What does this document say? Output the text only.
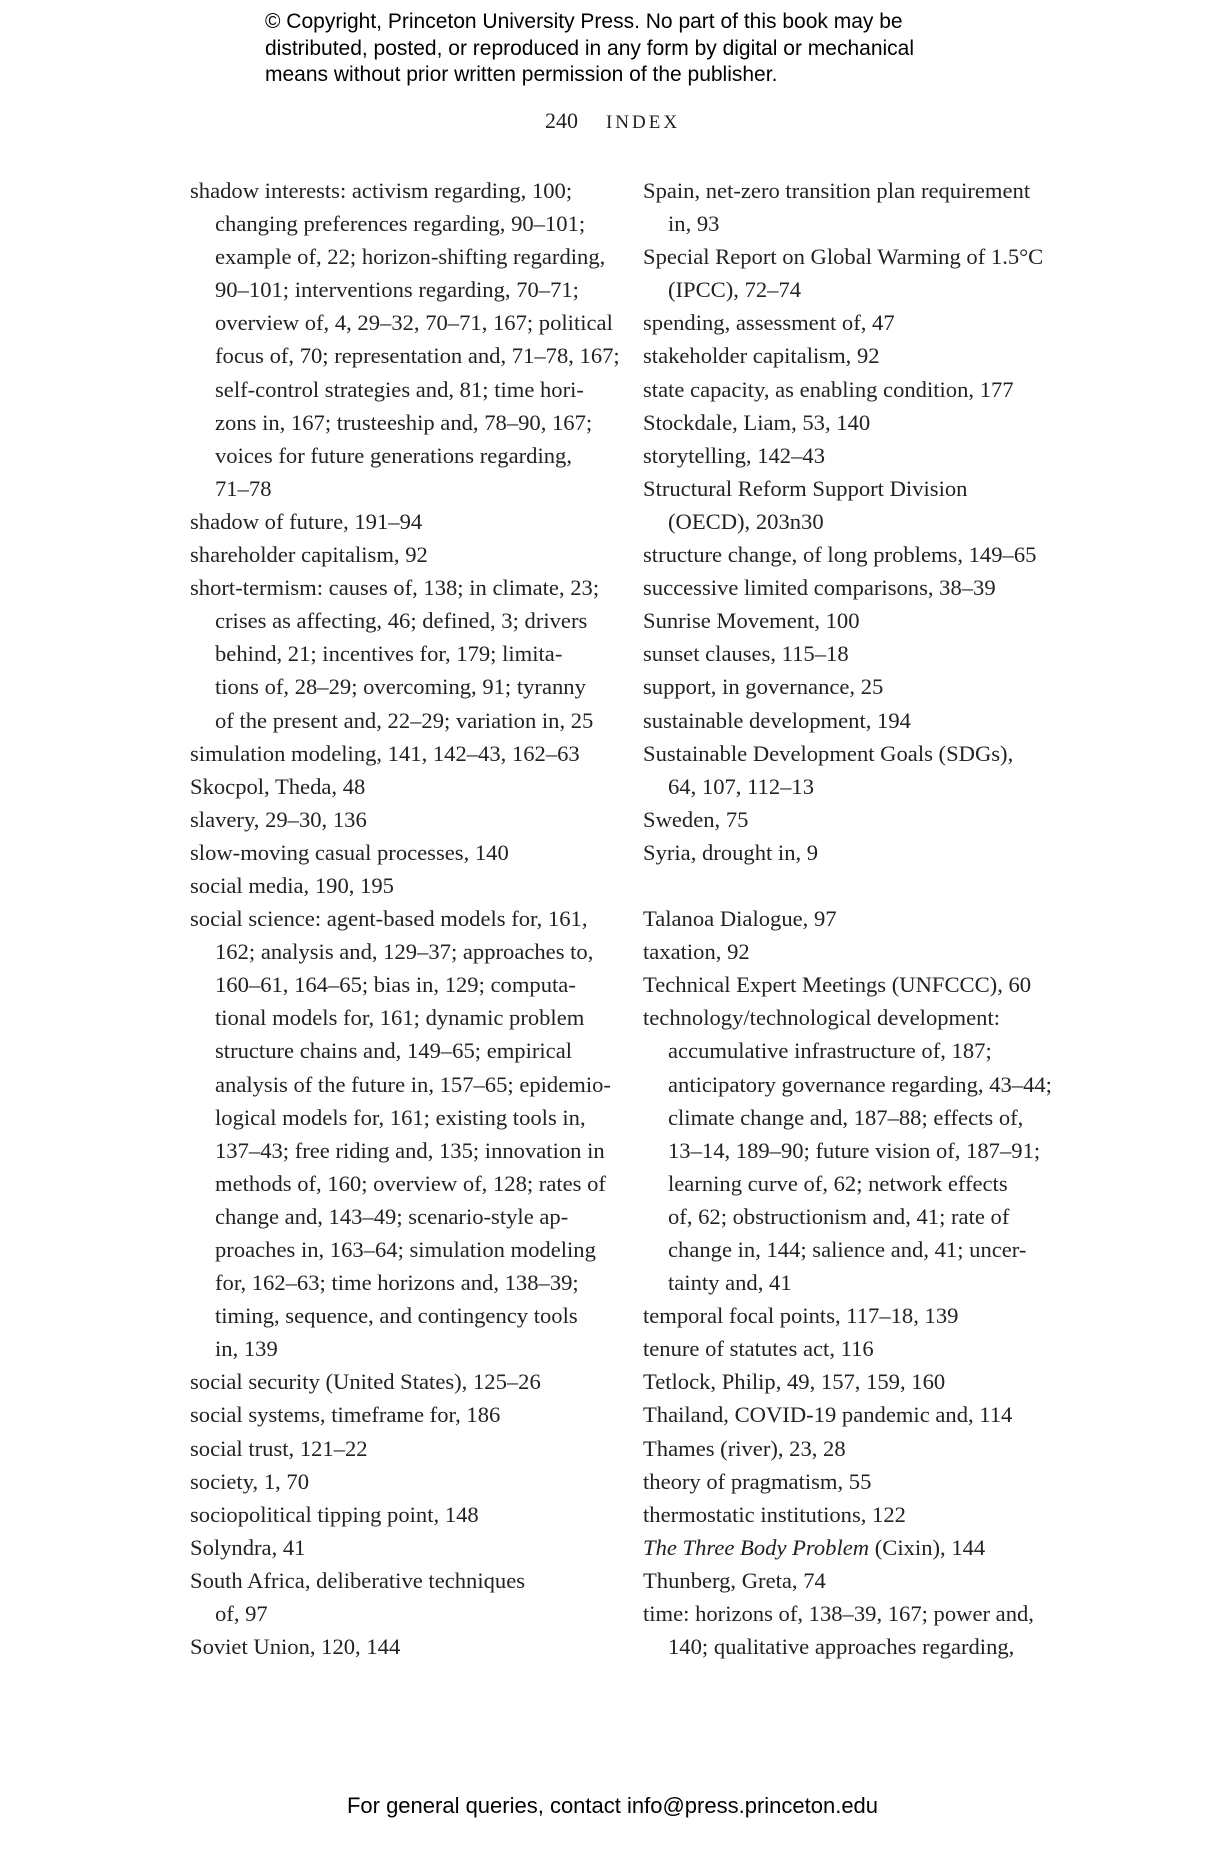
© Copyright, Princeton University Press. No part of this book may be
distributed, posted, or reproduced in any form by digital or mechanical
means without prior written permission of the publisher.
240 INDEX
shadow interests: activism regarding, 100;
changing preferences regarding, 90–101;
example of, 22; horizon-shifting regarding,
90–101; interventions regarding, 70–71;
overview of, 4, 29–32, 70–71, 167; political
focus of, 70; representation and, 71–78, 167;
self-control strategies and, 81; time hori-
zons in, 167; trusteeship and, 78–90, 167;
voices for future generations regarding,
71–78
shadow of future, 191–94
shareholder capitalism, 92
short-termism: causes of, 138; in climate, 23;
crises as affecting, 46; defined, 3; drivers
behind, 21; incentives for, 179; limita-
tions of, 28–29; overcoming, 91; tyranny
of the present and, 22–29; variation in, 25
simulation modeling, 141, 142–43, 162–63
Skocpol, Theda, 48
slavery, 29–30, 136
slow-moving casual processes, 140
social media, 190, 195
social science: agent-based models for, 161,
162; analysis and, 129–37; approaches to,
160–61, 164–65; bias in, 129; computa-
tional models for, 161; dynamic problem
structure chains and, 149–65; empirical
analysis of the future in, 157–65; epidemio-
logical models for, 161; existing tools in,
137–43; free riding and, 135; innovation in
methods of, 160; overview of, 128; rates of
change and, 143–49; scenario-style ap-
proaches in, 163–64; simulation modeling
for, 162–63; time horizons and, 138–39;
timing, sequence, and contingency tools
in, 139
social security (United States), 125–26
social systems, timeframe for, 186
social trust, 121–22
society, 1, 70
sociopolitical tipping point, 148
Solyndra, 41
South Africa, deliberative techniques
of, 97
Soviet Union, 120, 144
Spain, net-zero transition plan requirement
in, 93
Special Report on Global Warming of 1.5°C
(IPCC), 72–74
spending, assessment of, 47
stakeholder capitalism, 92
state capacity, as enabling condition, 177
Stockdale, Liam, 53, 140
storytelling, 142–43
Structural Reform Support Division
(OECD), 203n30
structure change, of long problems, 149–65
successive limited comparisons, 38–39
Sunrise Movement, 100
sunset clauses, 115–18
support, in governance, 25
sustainable development, 194
Sustainable Development Goals (SDGs),
64, 107, 112–13
Sweden, 75
Syria, drought in, 9
Talanoa Dialogue, 97
taxation, 92
Technical Expert Meetings (UNFCCC), 60
technology/technological development:
accumulative infrastructure of, 187;
anticipatory governance regarding, 43–44;
climate change and, 187–88; effects of,
13–14, 189–90; future vision of, 187–91;
learning curve of, 62; network effects
of, 62; obstructionism and, 41; rate of
change in, 144; salience and, 41; uncer-
tainty and, 41
temporal focal points, 117–18, 139
tenure of statutes act, 116
Tetlock, Philip, 49, 157, 159, 160
Thailand, COVID-19 pandemic and, 114
Thames (river), 23, 28
theory of pragmatism, 55
thermostatic institutions, 122
The Three Body Problem (Cixin), 144
Thunberg, Greta, 74
time: horizons of, 138–39, 167; power and,
140; qualitative approaches regarding,
For general queries, contact info@press.princeton.edu
